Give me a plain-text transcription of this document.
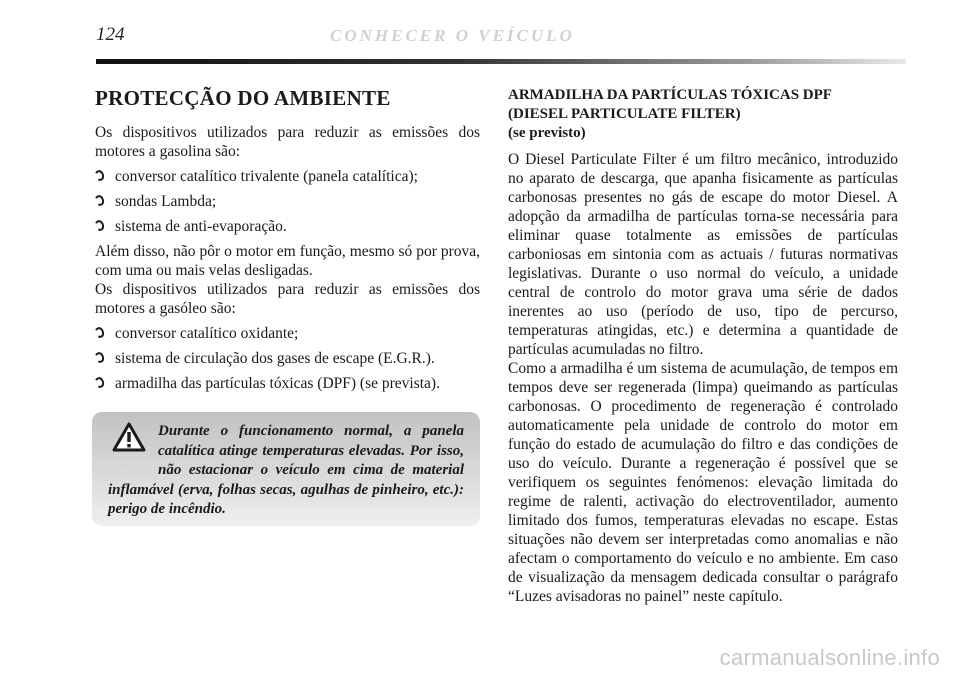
124	CONHECER O VEÍCULO
PROTECÇÃO DO AMBIENTE

Os dispositivos utilizados para reduzir as emissões dos motores a gasolina são:

conversor catalítico trivalente (panela catalítica);
sondas Lambda;
sistema de anti-evaporação.

Além disso, não pôr o motor em função, mesmo só por prova, com uma ou mais velas desligadas.

Os dispositivos utilizados para reduzir as emissões dos motores a gasóleo são:

conversor catalítico oxidante;
sistema de circulação dos gases de escape (E.G.R.).
armadilha das partículas tóxicas (DPF) (se prevista).
Durante o funcionamento normal, a panela catalítica atinge temperaturas elevadas. Por isso, não estacionar o veículo em cima de material inflamável (erva, folhas secas, agulhas de pinheiro, etc.): perigo de incêndio.
ARMADILHA DA PARTÍCULAS TÓXICAS DPF
(DIESEL PARTICULATE FILTER)
(se previsto)

O Diesel Particulate Filter é um filtro mecânico, introduzido no aparato de descarga, que apanha fisicamente as partículas carbonosas presentes no gás de escape do motor Diesel. A adopção da armadilha de partículas torna-se necessária para eliminar quase totalmente as emissões de partículas carboniosas em sintonia com as actuais / futuras normativas legislativas. Durante o uso normal do veículo, a unidade central de controlo do motor grava uma série de dados inerentes ao uso (período de uso, tipo de percurso, temperaturas atingidas, etc.) e determina a quantidade de partículas acumuladas no filtro.

Como a armadilha é um sistema de acumulação, de tempos em tempos deve ser regenerada (limpa) queimando as partículas carbonosas. O procedimento de regeneração é controlado automaticamente pela unidade de controlo do motor em função do estado de acumulação do filtro e das condições de uso do veículo. Durante a regeneração é possível que se verifiquem os seguintes fenómenos: elevação limitada do regime de ralenti, activação do electroventilador, aumento limitado dos fumos, temperaturas elevadas no escape. Estas situações não devem ser interpretadas como anomalias e não afectam o comportamento do veículo e no ambiente. Em caso de visualização da mensagem dedicada consultar o parágrafo “Luzes avisadoras no painel” neste capítulo.

carmanualsonline.info
